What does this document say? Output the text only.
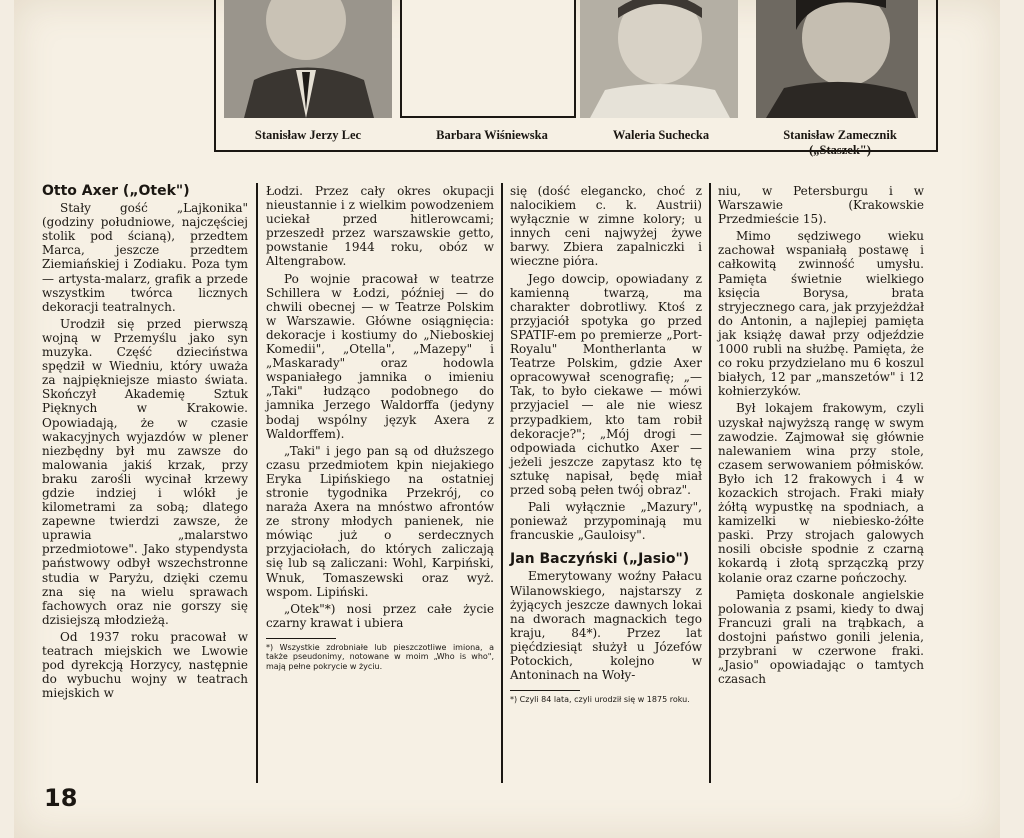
Stanisław Jerzy Lec	Barbara Wiśniewska	Waleria Suchecka	Stanisław Zamecznik
(„Staszek")

Otto Axer („Otek")

Stały gość „Lajkonika" (godziny południowe, najczęściej stolik pod ścianą), przedtem Marca, jeszcze przedtem Ziemiańskiej i Zodiaku. Poza tym — artysta-malarz, grafik a przede wszystkim twórca licznych dekoracji teatralnych.

Urodził się przed pierwszą wojną w Przemyślu jako syn muzyka. Część dzieciństwa spędził w Wiedniu, który uważa za najpiękniejsze miasto świata. Skończył Akademię Sztuk Pięknych w Krakowie. Opowiadają, że w czasie wakacyjnych wyjazdów w plener niezbędny był mu zawsze do malowania jakiś krzak, przy braku zarośli wycinał krzewy gdzie indziej i wlókł je kilometrami za sobą; dlatego zapewne twierdzi zawsze, że uprawia „malarstwo przedmiotowe". Jako stypendysta państwowy odbył wszechstronne studia w Paryżu, dzięki czemu zna się na wielu sprawach fachowych oraz nie gorszy się dzisiejszą młodzieżą.

Od 1937 roku pracował w teatrach miejskich we Lwowie pod dyrekcją Horzycy, następnie do wybuchu wojny w teatrach miejskich w

Łodzi. Przez cały okres okupacji nieustannie i z wielkim powodzeniem uciekał przed hitlerowcami; przeszedł przez warszawskie getto, powstanie 1944 roku, obóz w Altengrabow.

Po wojnie pracował w teatrze Schillera w Łodzi, później — do chwili obecnej — w Teatrze Polskim w Warszawie. Główne osiągnięcia: dekoracje i kostiumy do „Nieboskiej Komedii", „Otella", „Mazepy" i „Maskarady" oraz hodowla wspaniałego jamnika o imieniu „Taki" łudząco podobnego do jamnika Jerzego Waldorffa (jedyny bodaj wspólny język Axera z Waldorffem).

„Taki" i jego pan są od dłuższego czasu przedmiotem kpin niejakiego Eryka Lipińskiego na ostatniej stronie tygodnika Przekrój, co naraża Axera na mnóstwo afrontów ze strony młodych panienek, nie mówiąc już o serdecznych przyjaciołach, do których zaliczają się lub są zaliczani: Wohl, Karpiński, Wnuk, Tomaszewski oraz wyż. wspom. Lipiński.

„Otek"*) nosi przez całe życie czarny krawat i ubiera

*) Wszystkie zdrobniałe lub pieszczotliwe imiona, a także pseudonimy, notowane w moim „Who is who", mają pełne pokrycie w życiu.

się (dość elegancko, choć z nalocikiem c. k. Austrii) wyłącznie w zimne kolory; u innych ceni najwyżej żywe barwy. Zbiera zapalniczki i wieczne pióra.

Jego dowcip, opowiadany z kamienną twarzą, ma charakter dobrotliwy. Ktoś z przyjaciół spotyka go przed SPATIF-em po premierze „Port-Royalu" Montherlanta w Teatrze Polskim, gdzie Axer opracowywał scenografię; „— Tak, to było ciekawe — mówi przyjaciel — ale nie wiesz przypadkiem, kto tam robił dekoracje?"; „Mój drogi — odpowiada cichutko Axer — jeżeli jeszcze zapytasz kto tę sztukę napisał, będę miał przed sobą pełen twój obraz".

Pali wyłącznie „Mazury", ponieważ przypominają mu francuskie „Gauloisy".

Jan Baczyński („Jasio")

Emerytowany woźny Pałacu Wilanowskiego, najstarszy z żyjących jeszcze dawnych lokai na dworach magnackich tego kraju, 84*). Przez lat pięćdziesiąt służył u Józefów Potockich, kolejno w Antoninach na Woły-

*) Czyli 84 lata, czyli urodził się w 1875 roku.

niu, w Petersburgu i w Warszawie (Krakowskie Przedmieście 15).

Mimo sędziwego wieku zachował wspaniałą postawę i całkowitą zwinność umysłu. Pamięta świetnie wielkiego księcia Borysa, brata stryjecznego cara, jak przyjeżdżał do Antonin, a najlepiej pamięta jak książę dawał przy odjeździe 1000 rubli na służbę. Pamięta, że co roku przydzielano mu 6 koszul białych, 12 par „manszetów" i 12 kołnierzyków.

Był lokajem frakowym, czyli uzyskał najwyższą rangę w swym zawodzie. Zajmował się głównie nalewaniem wina przy stole, czasem serwowaniem półmisków. Było ich 12 frakowych i 4 w kozackich strojach. Fraki miały żółtą wypustkę na spodniach, a kamizelki w niebiesko-żółte paski. Przy strojach galowych nosili obcisłe spodnie z czarną kokardą i złotą sprzączką przy kolanie oraz czarne pończochy.

Pamięta doskonale angielskie polowania z psami, kiedy to dwaj Francuzi grali na trąbkach, a dostojni państwo gonili jelenia, przybrani w czerwone fraki. „Jasio" opowiadając o tamtych czasach

18
